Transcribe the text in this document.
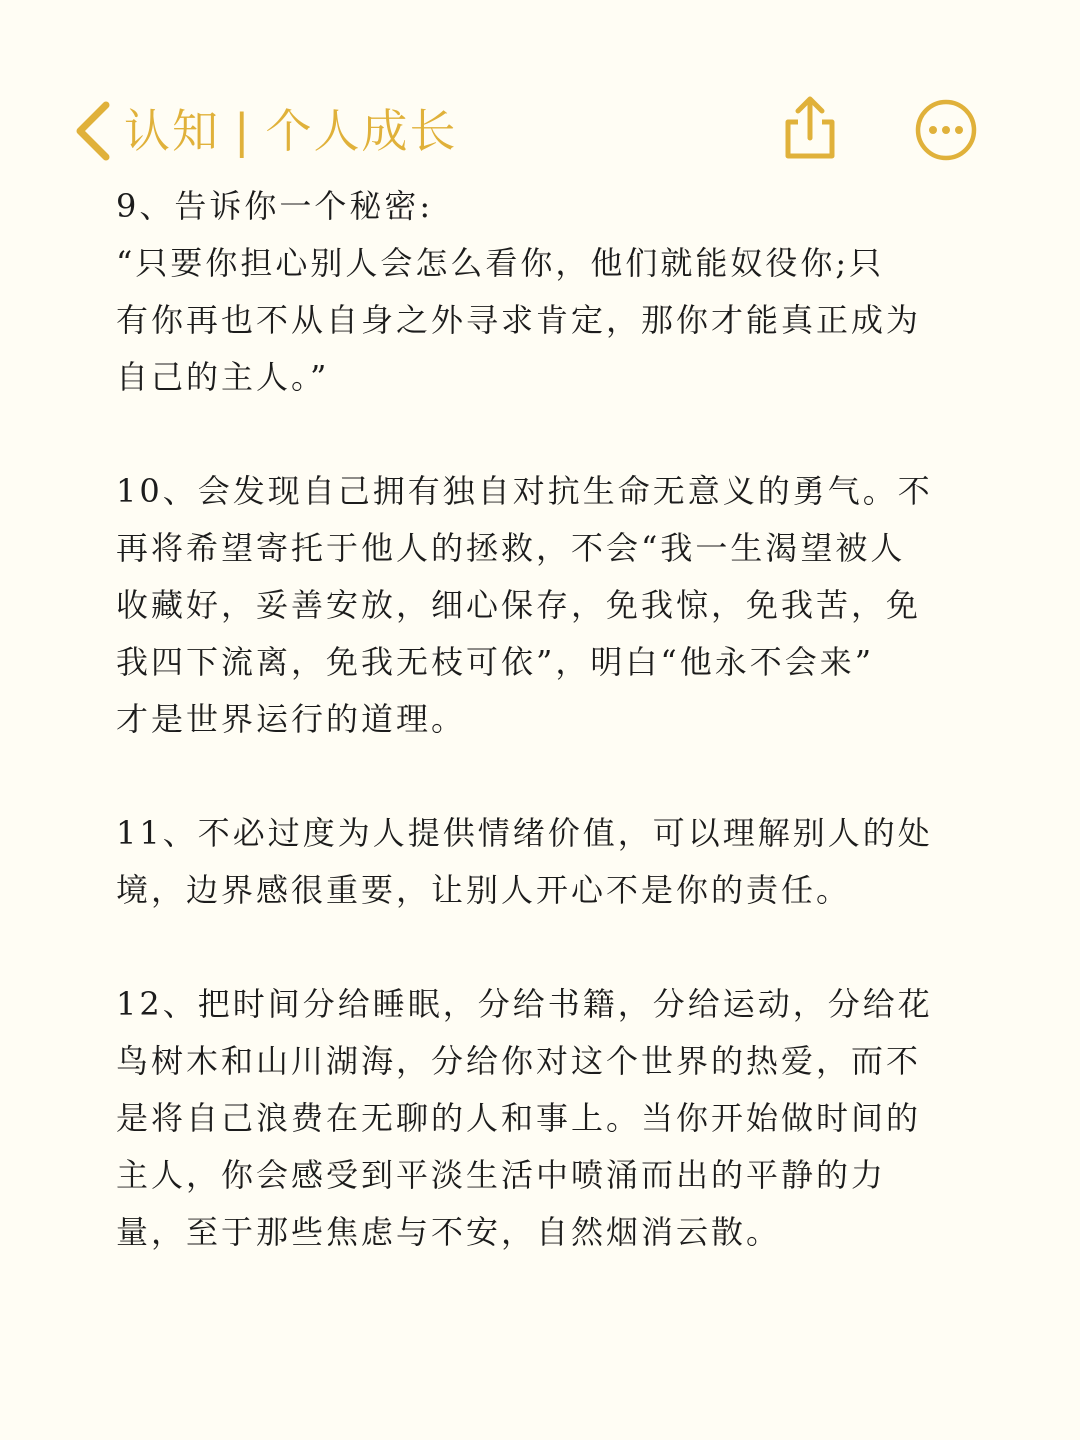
认知 | 个人成长

9、告诉你一个秘密:
“只要你担心别人会怎么看你，他们就能奴役你;只
有你再也不从自身之外寻求肯定，那你才能真正成为
自己的主人。”

10、会发现自己拥有独自对抗生命无意义的勇气。不
再将希望寄托于他人的拯救，不会“我一生渴望被人
收藏好，妥善安放，细心保存，免我惊，免我苦，免
我四下流离，免我无枝可依”，明白“他永不会来”
才是世界运行的道理。

11、不必过度为人提供情绪价值，可以理解别人的处
境，边界感很重要，让别人开心不是你的责任。

12、把时间分给睡眠，分给书籍，分给运动，分给花
鸟树木和山川湖海，分给你对这个世界的热爱，而不
是将自己浪费在无聊的人和事上。当你开始做时间的
主人，你会感受到平淡生活中喷涌而出的平静的力
量，至于那些焦虑与不安，自然烟消云散。
